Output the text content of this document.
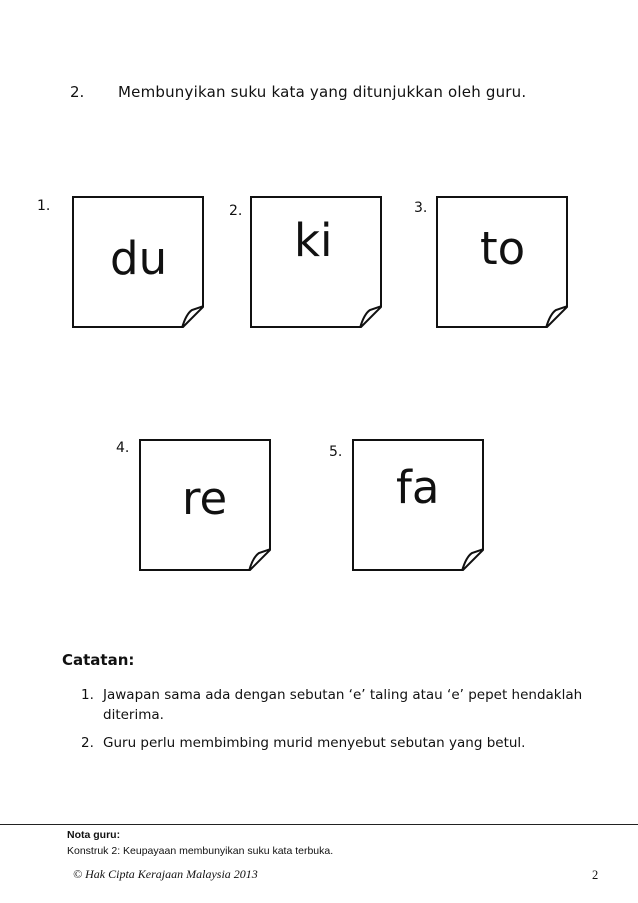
2. Membunyikan suku kata yang ditunjukkan oleh guru.
1.
du
2.
ki
3.
to
4.
re
5.
fa
Catatan:
1. Jawapan sama ada dengan sebutan ‘e’ taling atau ‘e’ pepet hendaklah diterima.
2. Guru perlu membimbing murid menyebut sebutan yang betul.
Nota guru:
Konstruk 2: Keupayaan membunyikan suku kata terbuka.
© Hak Cipta Kerajaan Malaysia 2013	2
